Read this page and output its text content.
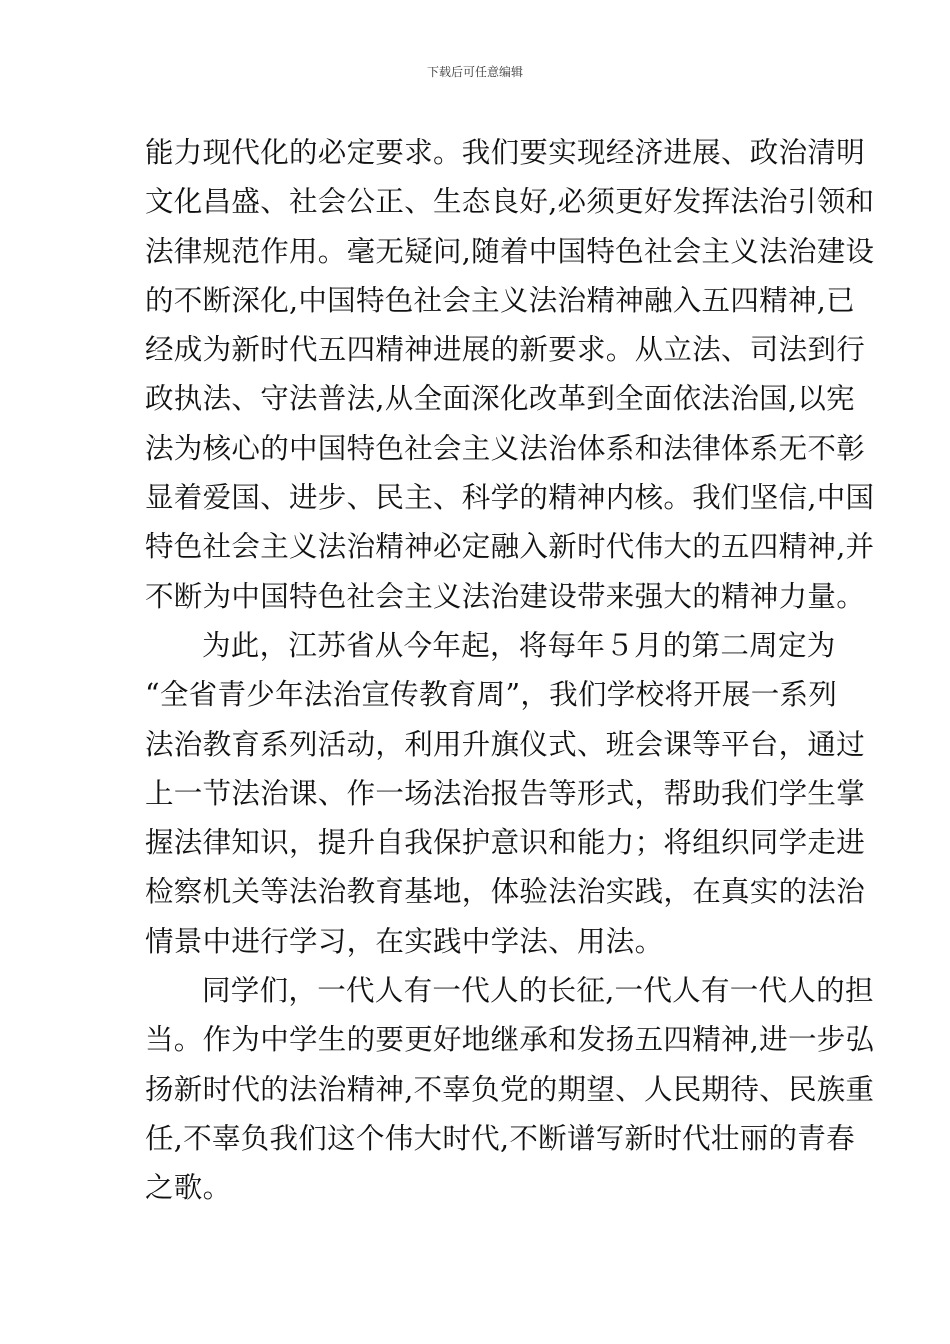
下载后可任意编辑
能力现代化的必定要求。我们要实现经济进展、政治清明
文化昌盛、社会公正、生态良好,必须更好发挥法治引领和
法律规范作用。毫无疑问,随着中国特色社会主义法治建设
的不断深化,中国特色社会主义法治精神融入五四精神,已
经成为新时代五四精神进展的新要求。从立法、司法到行
政执法、守法普法,从全面深化改革到全面依法治国,以宪
法为核心的中国特色社会主义法治体系和法律体系无不彰
显着爱国、进步、民主、科学的精神内核。我们坚信,中国
特色社会主义法治精神必定融入新时代伟大的五四精神,并
不断为中国特色社会主义法治建设带来强大的精神力量。
为此，江苏省从今年起，将每年５月的第二周定为
“全省青少年法治宣传教育周”，我们学校将开展一系列
法治教育系列活动，利用升旗仪式、班会课等平台，通过
上一节法治课、作一场法治报告等形式，帮助我们学生掌
握法律知识，提升自我保护意识和能力；将组织同学走进
检察机关等法治教育基地，体验法治实践，在真实的法治
情景中进行学习，在实践中学法、用法。
同学们，一代人有一代人的长征,一代人有一代人的担
当。作为中学生的要更好地继承和发扬五四精神,进一步弘
扬新时代的法治精神,不辜负党的期望、人民期待、民族重
任,不辜负我们这个伟大时代,不断谱写新时代壮丽的青春
之歌。
